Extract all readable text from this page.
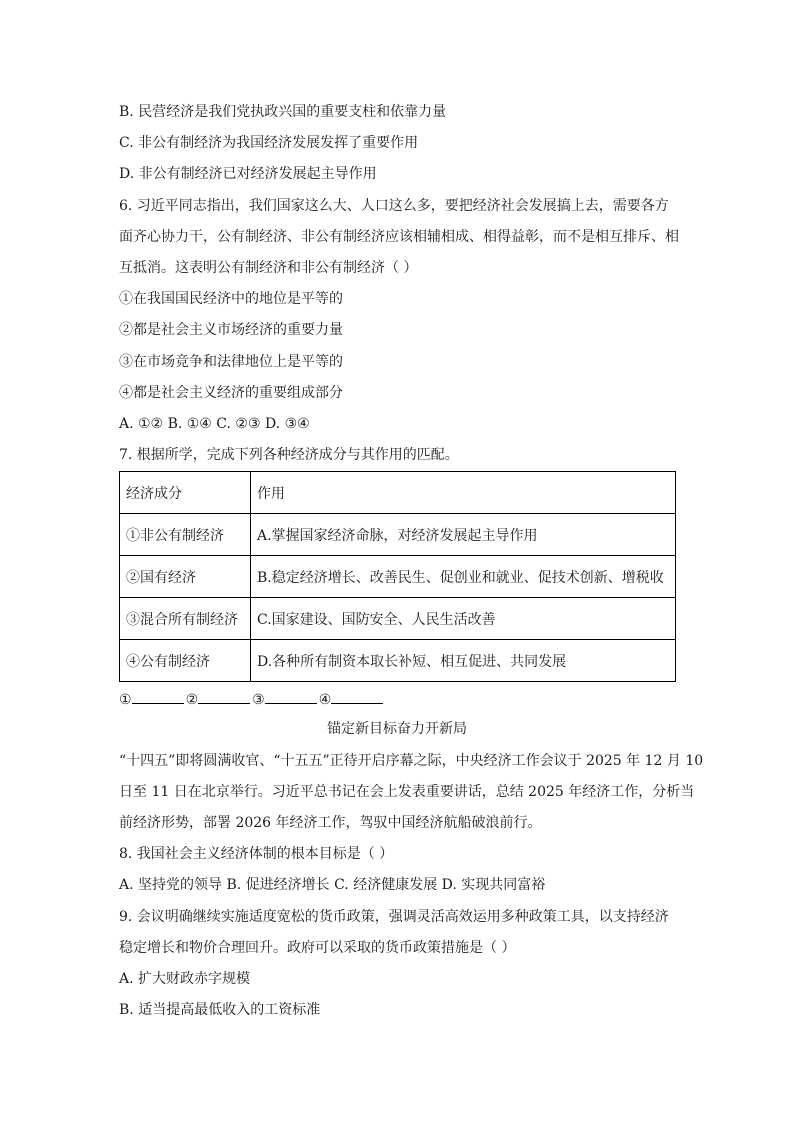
B. 民营经济是我们党执政兴国的重要支柱和依靠力量
C. 非公有制经济为我国经济发展发挥了重要作用
D. 非公有制经济已对经济发展起主导作用
6. 习近平同志指出，我们国家这么大、人口这么多，要把经济社会发展搞上去，需要各方
面齐心协力干，公有制经济、非公有制经济应该相辅相成、相得益彰，而不是相互排斥、相
互抵消。这表明公有制经济和非公有制经济（ ）
①在我国国民经济中的地位是平等的
②都是社会主义市场经济的重要力量
③在市场竞争和法律地位上是平等的
④都是社会主义经济的重要组成部分
A. ①② B. ①④ C. ②③ D. ③④
7. 根据所学，完成下列各种经济成分与其作用的匹配。
经济成分	作用
①非公有制经济	A.掌握国家经济命脉，对经济发展起主导作用
②国有经济	B.稳定经济增长、改善民生、促创业和就业、促技术创新、增税收
③混合所有制经济	C.国家建设、国防安全、人民生活改善
④公有制经济	D.各种所有制资本取长补短、相互促进、共同发展
①	②	③	④
锚定新目标奋力开新局
“十四五”即将圆满收官、“十五五”正待开启序幕之际，中央经济工作会议于 2025 年 12 月 10
日至 11 日在北京举行。习近平总书记在会上发表重要讲话，总结 2025 年经济工作，分析当
前经济形势，部署 2026 年经济工作，驾驭中国经济航船破浪前行。
8. 我国社会主义经济体制的根本目标是（ ）
A. 坚持党的领导 B. 促进经济增长 C. 经济健康发展 D. 实现共同富裕
9. 会议明确继续实施适度宽松的货币政策，强调灵活高效运用多种政策工具，以支持经济
稳定增长和物价合理回升。政府可以采取的货币政策措施是（ ）
A. 扩大财政赤字规模
B. 适当提高最低收入的工资标准
